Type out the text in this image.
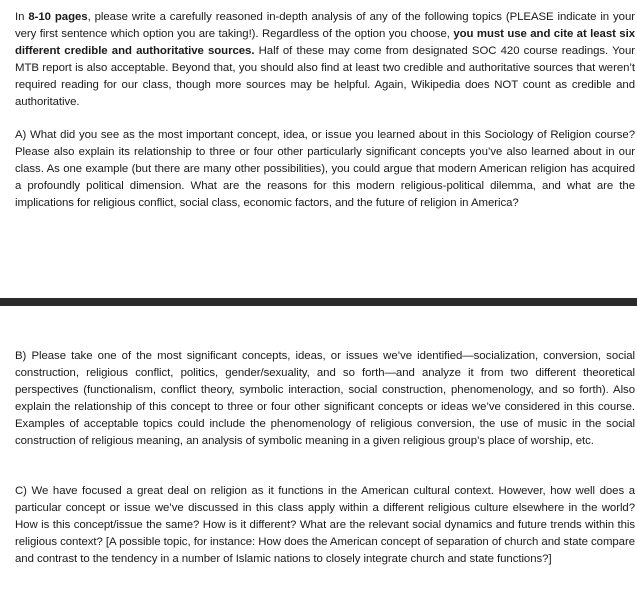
In 8-10 pages, please write a carefully reasoned in-depth analysis of any of the following topics (PLEASE indicate in your very first sentence which option you are taking!). Regardless of the option you choose, you must use and cite at least six different credible and authoritative sources. Half of these may come from designated SOC 420 course readings. Your MTB report is also acceptable. Beyond that, you should also find at least two credible and authoritative sources that weren’t required reading for our class, though more sources may be helpful. Again, Wikipedia does NOT count as credible and authoritative.

A) What did you see as the most important concept, idea, or issue you learned about in this Sociology of Religion course? Please also explain its relationship to three or four other particularly significant concepts you’ve also learned about in our class. As one example (but there are many other possibilities), you could argue that modern American religion has acquired a profoundly political dimension. What are the reasons for this modern religious-political dilemma, and what are the implications for religious conflict, social class, economic factors, and the future of religion in America?

B) Please take one of the most significant concepts, ideas, or issues we’ve identified—socialization, conversion, social construction, religious conflict, politics, gender/sexuality, and so forth—and analyze it from two different theoretical perspectives (functionalism, conflict theory, symbolic interaction, social construction, phenomenology, and so forth). Also explain the relationship of this concept to three or four other significant concepts or ideas we’ve considered in this course. Examples of acceptable topics could include the phenomenology of religious conversion, the use of music in the social construction of religious meaning, an analysis of symbolic meaning in a given religious group’s place of worship, etc.

C) We have focused a great deal on religion as it functions in the American cultural context. However, how well does a particular concept or issue we’ve discussed in this class apply within a different religious culture elsewhere in the world? How is this concept/issue the same? How is it different? What are the relevant social dynamics and future trends within this religious context? [A possible topic, for instance: How does the American concept of separation of church and state compare and contrast to the tendency in a number of Islamic nations to closely integrate church and state functions?]
